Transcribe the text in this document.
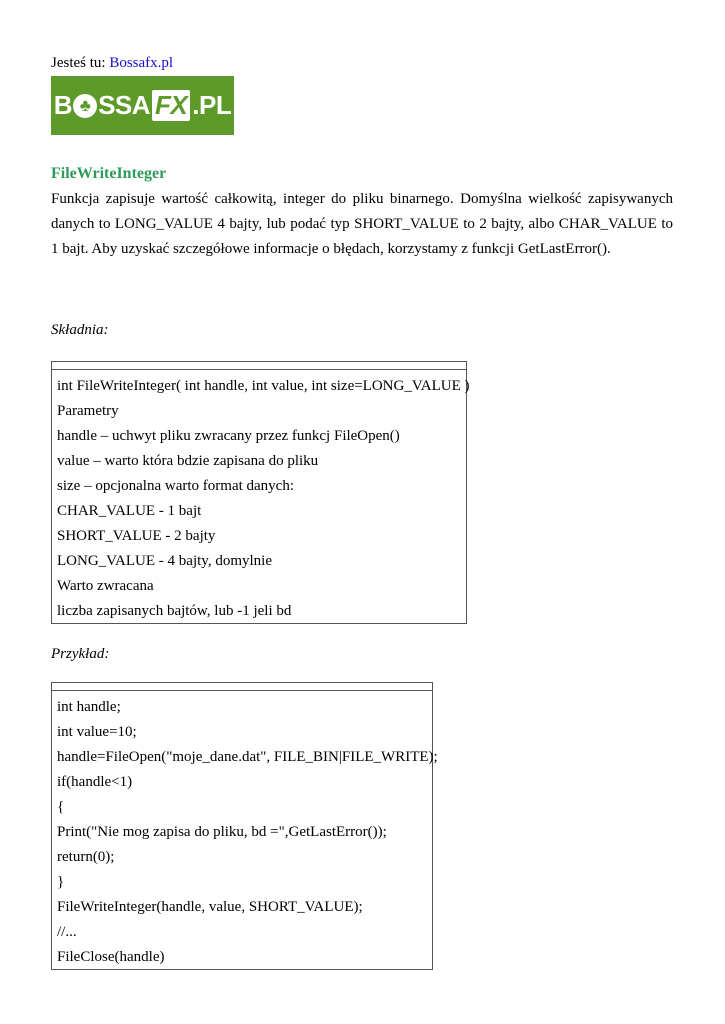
Jesteś tu: Bossafx.pl
B ♣ SSA FX .PL
FileWriteInteger

Funkcja zapisuje wartość całkowitą, integer do pliku binarnego. Domyślna wielkość zapisywanych danych to LONG_VALUE 4 bajty, lub podać typ SHORT_VALUE to 2 bajty, albo CHAR_VALUE to 1 bajt. Aby uzyskać szczegółowe informacje o błędach, korzystamy z funkcji GetLastError().

Składnia:

int FileWriteInteger( int handle, int value, int size=LONG_VALUE )
Parametry
handle – uchwyt pliku zwracany przez funkcj FileOpen()
value – warto która bdzie zapisana do pliku
size – opcjonalna warto format danych:
CHAR_VALUE - 1 bajt
SHORT_VALUE - 2 bajty
LONG_VALUE - 4 bajty, domylnie
Warto zwracana
liczba zapisanych bajtów, lub -1 jeli bd

Przykład:

int handle;
int value=10;
handle=FileOpen("moje_dane.dat", FILE_BIN|FILE_WRITE);
if(handle<1)
{
Print("Nie mog zapisa do pliku, bd =",GetLastError());
return(0);
}
FileWriteInteger(handle, value, SHORT_VALUE);
//...
FileClose(handle)
